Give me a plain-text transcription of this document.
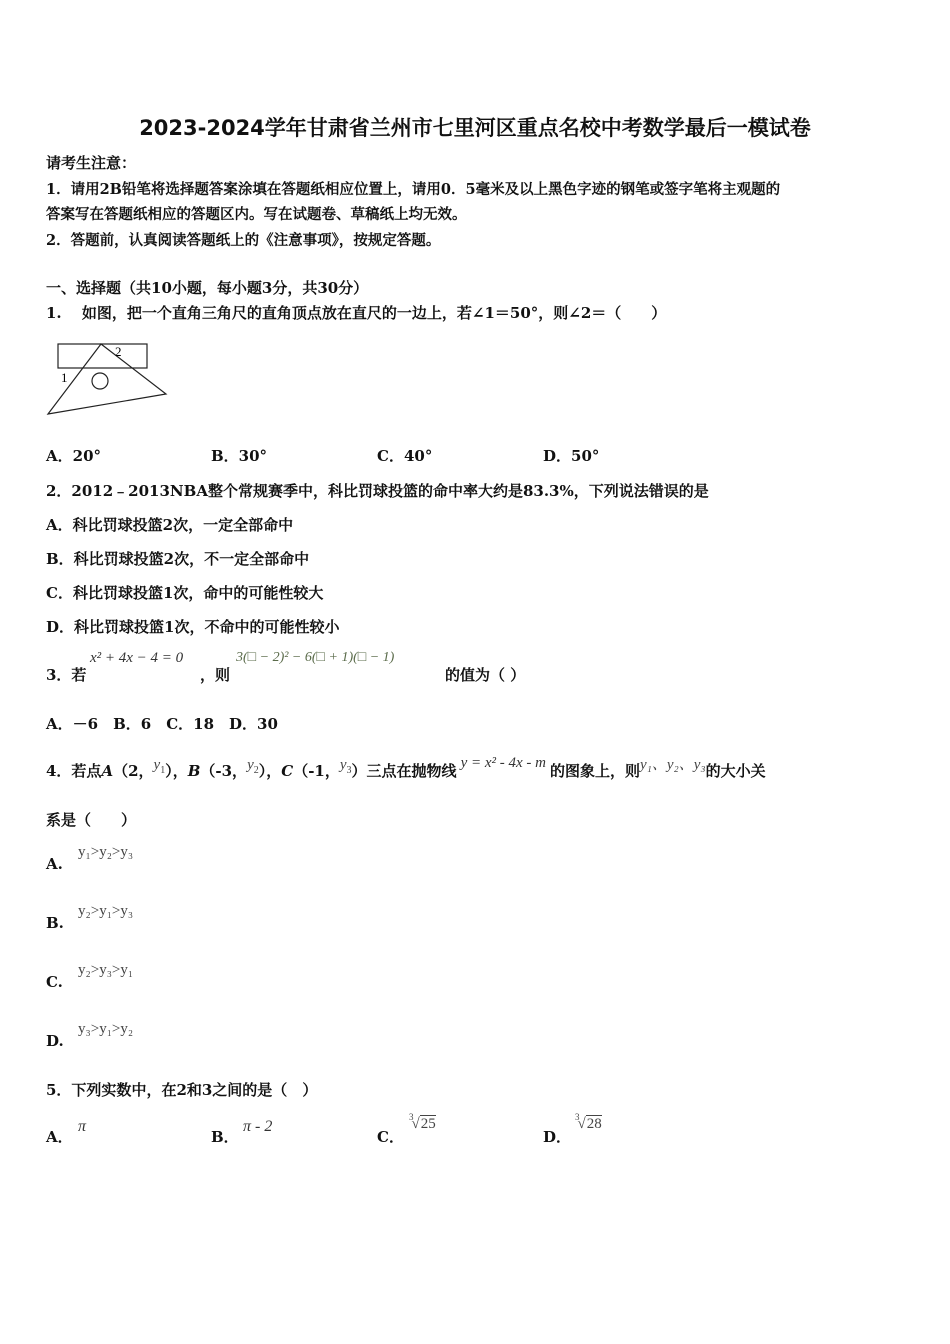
2023-2024学年甘肃省兰州市七里河区重点名校中考数学最后一模试卷
请考生注意：
1．请用2B铅笔将选择题答案涂填在答题纸相应位置上，请用0．5毫米及以上黑色字迹的钢笔或签字笔将主观题的
答案写在答题纸相应的答题区内。写在试题卷、草稿纸上均无效。
2．答题前，认真阅读答题纸上的《注意事项》，按规定答题。
一、选择题（共10小题，每小题3分，共30分）
1.　 如图，把一个直角三角尺的直角顶点放在直尺的一边上，若∠1＝50°，则∠2＝（　　）
1
2
A．20°	B．30°	C．40°	D．50°
2．2012﹣2013NBA整个常规赛季中，科比罚球投篮的命中率大约是83.3%，下列说法错误的是
A．科比罚球投篮2次，一定全部命中
B．科比罚球投篮2次，不一定全部命中
C．科比罚球投篮1次，命中的可能性较大
D．科比罚球投篮1次，不命中的可能性较小
3．若
x² + 4x − 4 = 0
，则
3(□ − 2)² − 6(□ + 1)(□ − 1)
的值为（ ）
A．－6　B．6　C．18　D．30
4．若点A（2，$y_1$），B（-3，$y_2$），C（-1，$y_3$）三点在抛物线 y = x² - 4x - m 的图象上，则y₁、y₂、y₃的大小关
系是（　　）
A.
y₁>y₂>y₃
B.
y₂>y₁>y₃
C.
y₂>y₃>y₁
D.
y₃>y₁>y₂
5．下列实数中，在2和3之间的是（　）
A．
π
B．
π - 2
C．
$^3$√25
D．
$^3$√28
